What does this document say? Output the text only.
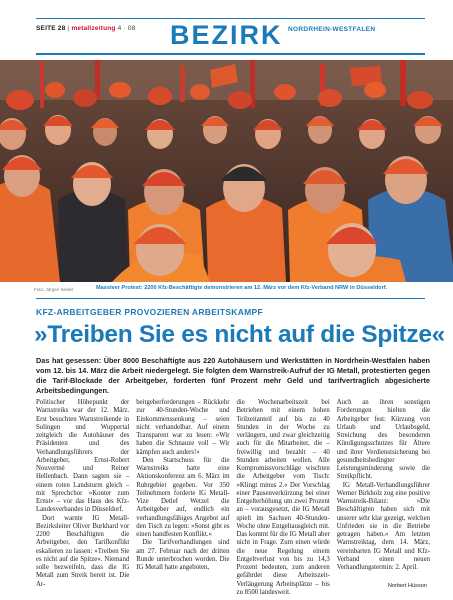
SEITE 28 | metallzeitung 4 · 08 BEZIRK NORDRHEIN-WESTFALEN
Foto: Jürgen Seidel	Massiver Protest: 2200 Kfz-Beschäftigte demonstrieren am 12. März vor dem Kfz-Verband NRW in Düsseldorf.
KFZ-ARBEITGEBER PROVOZIEREN ARBEITSKAMPF
»Treiben Sie es nicht auf die Spitze«
Das hat gesessen: Über 8000 Beschäftigte aus 220 Autohäusern und Werkstätten in Nordrhein-Westfalen haben vom 12. bis 14. März die Arbeit niedergelegt. Sie folgten dem Warnstreik-Aufruf der IG Metall, protestierten gegen die Tarif-Blockade der Arbeitgeber, forderten fünf Prozent mehr Geld und tarifvertraglich abgesicherte Arbeitsbedingungen.

Politischer Höhepunkt der Warnstreiks war der 12. März. Erst besuchten Warnstreikende in Solingen und Wuppertal zeitgleich die Autohäuser des Präsidenten und des Verhandlungsführers der Arbeitgeber, Ernst-Robert Nouvertné und Reiner Hellenbach. Dann sagten sie – einem roten Landsturm gleich – mit Sprechchor »Konter zum Ernst« – vor das Haus des Kfz-Landesverbandes in Düsseldorf.

Dort warnte IG Metall-Bezirksleiter Oliver Burkhard vor 2200 Beschäftigten die Arbeitgeber, den Tarifkonflikt eskalieren zu lassen: »Treiben Sie es nicht auf die Spitze«. Niemand solle bezweifeln, dass die IG Metall zum Streik bereit ist. Die Ar-

beitgeberforderungen – Rückkehr zur 40-Stunden-Woche und Einkommenssenkung – seien nicht verhandelbar. Auf einem Transparent war zu lesen: »Wir haben die Schnauze voll – Wir kämpfen auch anders!«

Den Startschuss für die Warnstreiks hatte eine Aktionskonferenz am 6. März im Ruhrgebiet gegeben. Vor 350 Teilnehmern forderte IG Metall-Vize Detlef Wetzel die Arbeitgeber auf, endlich ein verhandlungsfähiges Angebot auf den Tisch zu legen: »Sonst gibt es einen handfesten Konflikt.«

Die Tarifverhandlungen sind am 27. Februar nach der dritten Runde unterbrochen worden. Die IG Metall hatte angeboten,

die Wochenarbeitszeit bei Betrieben mit einem hohen Teilzeitanteil auf bis zu 40 Stunden in der Woche zu verlängern, und zwar gleichzeitig auch für die Mitarbeiter, die – freiwillig und bezahlt – 40 Stunden arbeiten wollen. Alle Kompromissvorschläge wischten die Arbeitgeber vom Tisch: »Klingt minus 2.« Der Vorschlag einer Pausenverkürzung bei einer Entgelterhöhung um zwei Prozent an – vorausgesetzt, die IG Metall spielt im Sachsen 40-Stunden-Woche ohne Entgeltausgleich mit. Das kommt für die IG Metall aber nicht in Frage. Zum einen würde die neue Regelung einem Entgeltverlust von bis zu 14,3 Prozent bedeuten, zum anderen gefährdet diese Arbeitszeit-Verlängerung Arbeitsplätze – bis zu 8500 landesweit.

Auch an ihren sonstigen Forderungen hielten die Arbeitgeber fest: Kürzung von Urlaub und Urlaubsgeld, Streichung des besonderen Kündigungsschutzes für Ältere und ihrer Verdienstsicherung bei gesundheitsbedingter Leistungsminderung sowie die Streikpflicht.

IG Metall-Verhandlungsführer Werner Birkholz zog eine positive Warnstreik-Bilanz: »Die Beschäftigten haben sich mit unserer sehr klar gezeigt, welchen Unfrieden sie in die Betriebe getragen haben.« Am letzten Warnstreiktag, dem 14. März, vereinbarten IG Metall und Kfz-Verband einen neuen Verhandlungstermin: 2. April.

Norbert Hüsson
